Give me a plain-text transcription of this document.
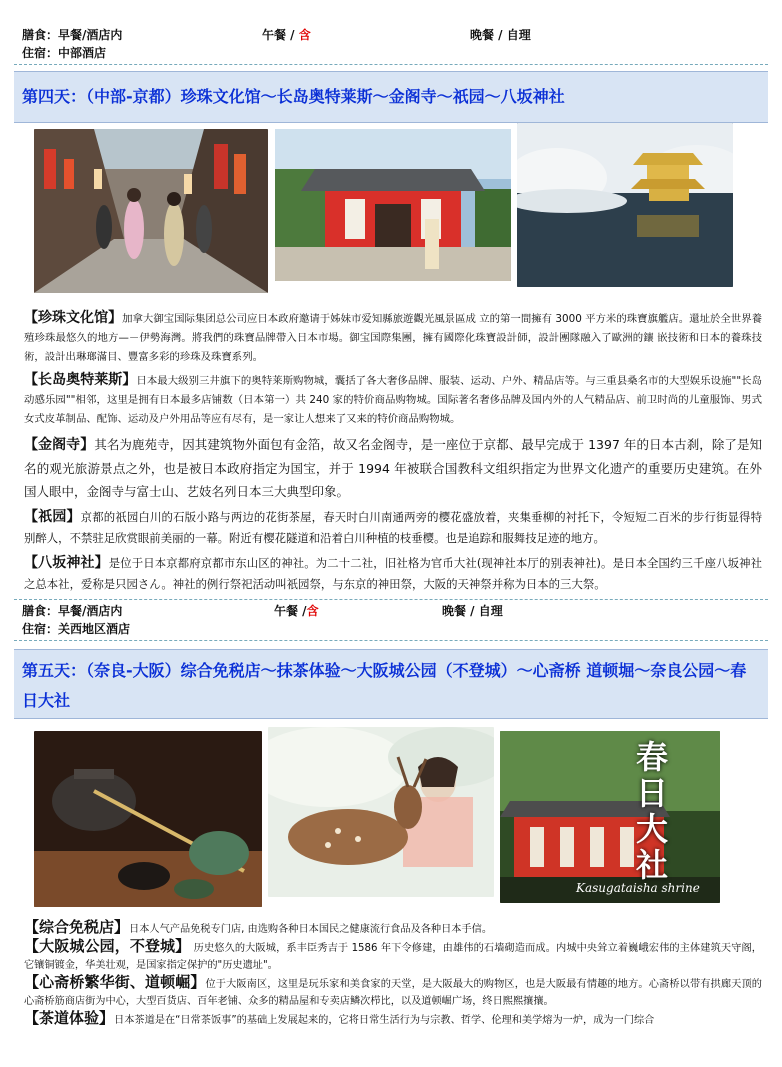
膳食：早餐/酒店内	午餐 / 含	晚餐 / 自理
住宿：中部酒店
第四天：（中部-京都）珍珠文化馆～长岛奥特莱斯～金阁寺～祇园～八坂神社

【珍珠文化馆】加拿大御宝国际集团总公司应日本政府邀请于姊妹市爱知縣旅遊觀光風景區成 立的第一間擁有 3000 平方米的珠寶旗艦店。還址於全世界養殖珍珠最悠久的地方—－伊勢海灣。將我們的珠寶品牌帶入日本市場。御宝国際集團，擁有國際化珠寶設計師，設計團隊融入了歐洲的鑲 嵌技術和日本的養珠技術，設計出琳瑯滿目、豐富多彩的珍珠及珠寶系列。

【长岛奥特莱斯】日本最大级别三井旗下的奥特莱斯购物城，囊括了各大奢侈品牌、服装、运动、户外、精品店等。与三重县桑名市的大型娱乐设施""长岛动感乐园""相邻，这里是拥有日本最多店铺数（日本第一）共 240 家的特价商品购物城。国际著名奢侈品牌及国内外的人气精品店、前卫时尚的儿童服饰、男式女式皮革制品、配饰、运动及户外用品等应有尽有，是一家让人想来了又来的特价商品购物城。

【金阁寺】其名为鹿苑寺，因其建筑物外面包有金箔，故又名金阁寺，是一座位于京都、最早完成于 1397 年的日本古刹，除了是知名的观光旅游景点之外，也是被日本政府指定为国宝，并于 1994 年被联合国教科文组织指定为世界文化遗产的重要历史建筑。在外国人眼中，金阁寺与富士山、艺妓名列日本三大典型印象。

【祇园】京都的祇园白川的石版小路与两边的花街茶屋，春天时白川南通两旁的樱花盛放着，夹集垂柳的衬托下，令短短二百米的步行街显得特别醉人，不禁驻足欣赏眼前美丽的一幕。附近有樱花隧道和沿着白川种植的枝垂樱。也是追踪和服舞技足迹的地方。

【八坂神社】是位于日本京都府京都市东山区的神社。为二十二社，旧社格为官币大社(现神社本厅的别表神社)。是日本全国约三千座八坂神社之总本社，爱称是只园さん。神社的例行祭祀活动叫祇园祭，与东京的神田祭，大阪的天神祭并称为日本的三大祭。

膳食：早餐/酒店内	午餐 /含	晚餐 / 自理
住宿：关西地区酒店
第五天：（奈良-大阪）综合免税店～抹茶体验～大阪城公园（不登城）～心斋桥 道顿堀～奈良公园～春日大社
春日大社
Kasugataisha shrine

【综合免税店】日本人气产品免税专门店, 由选购各种日本国民之健康流行食品及各种日本手信。

【大阪城公园，不登城】 历史悠久的大阪城，系丰臣秀吉于 1586 年下令修建，由雄伟的石墙砌造而成。内城中央耸立着巍峨宏伟的主体建筑天守阁，它镶铜镀金，华美壮观，是国家指定保护的"历史遗址"。

【心斋桥繁华街、道顿崛】位于大阪南区，这里是玩乐家和美食家的天堂，是大阪最大的购物区，也是大阪最有情趣的地方。心斋桥以带有拱廊天顶的心斋桥筋商店街为中心，大型百货店、百年老铺、众多的精品屋和专卖店鳞次栉比，以及道顿崛广场，终日熙熙攘攘。

【茶道体验】日本茶道是在“日常茶饭事”的基础上发展起来的，它将日常生活行为与宗教、哲学、伦理和美学熔为一炉，成为一门综合
